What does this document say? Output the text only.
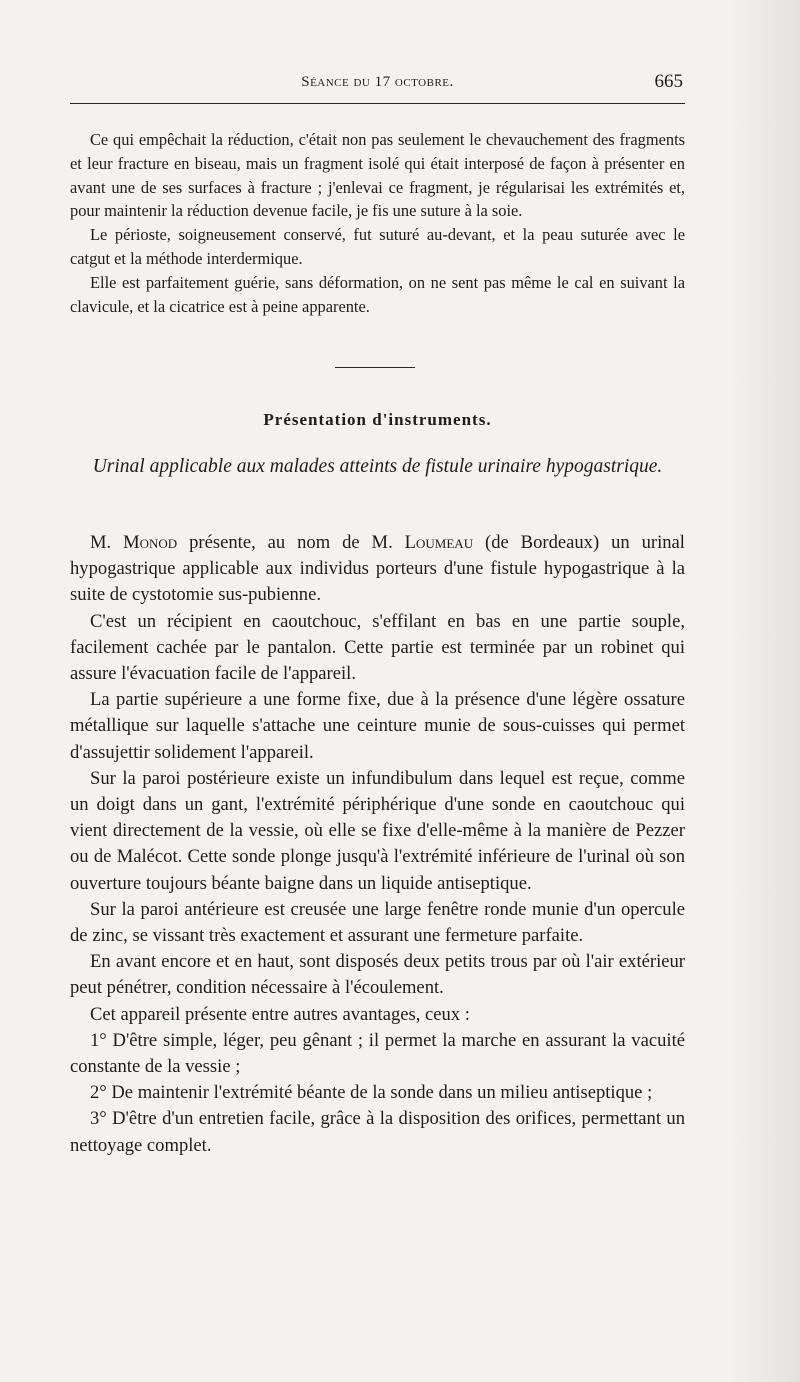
Séance du 17 octobre.	665

Ce qui empêchait la réduction, c'était non pas seulement le chevauchement des fragments et leur fracture en biseau, mais un fragment isolé qui était interposé de façon à présenter en avant une de ses surfaces à fracture ; j'enlevai ce fragment, je régularisai les extrémités et, pour maintenir la réduction devenue facile, je fis une suture à la soie.

Le périoste, soigneusement conservé, fut suturé au-devant, et la peau suturée avec le catgut et la méthode interdermique.

Elle est parfaitement guérie, sans déformation, on ne sent pas même le cal en suivant la clavicule, et la cicatrice est à peine apparente.

Présentation d'instruments.
Urinal applicable aux malades atteints de fistule urinaire hypogastrique.

M. Monod présente, au nom de M. Loumeau (de Bordeaux) un urinal hypogastrique applicable aux individus porteurs d'une fistule hypogastrique à la suite de cystotomie sus-pubienne.

C'est un récipient en caoutchouc, s'effilant en bas en une partie souple, facilement cachée par le pantalon. Cette partie est terminée par un robinet qui assure l'évacuation facile de l'appareil.

La partie supérieure a une forme fixe, due à la présence d'une légère ossature métallique sur laquelle s'attache une ceinture munie de sous-cuisses qui permet d'assujettir solidement l'appareil.

Sur la paroi postérieure existe un infundibulum dans lequel est reçue, comme un doigt dans un gant, l'extrémité périphérique d'une sonde en caoutchouc qui vient directement de la vessie, où elle se fixe d'elle-même à la manière de Pezzer ou de Malécot. Cette sonde plonge jusqu'à l'extrémité inférieure de l'urinal où son ouverture toujours béante baigne dans un liquide antiseptique.

Sur la paroi antérieure est creusée une large fenêtre ronde munie d'un opercule de zinc, se vissant très exactement et assurant une fermeture parfaite.

En avant encore et en haut, sont disposés deux petits trous par où l'air extérieur peut pénétrer, condition nécessaire à l'écoulement.

Cet appareil présente entre autres avantages, ceux :

1° D'être simple, léger, peu gênant ; il permet la marche en assurant la vacuité constante de la vessie ;

2° De maintenir l'extrémité béante de la sonde dans un milieu antiseptique ;

3° D'être d'un entretien facile, grâce à la disposition des orifices, permettant un nettoyage complet.
